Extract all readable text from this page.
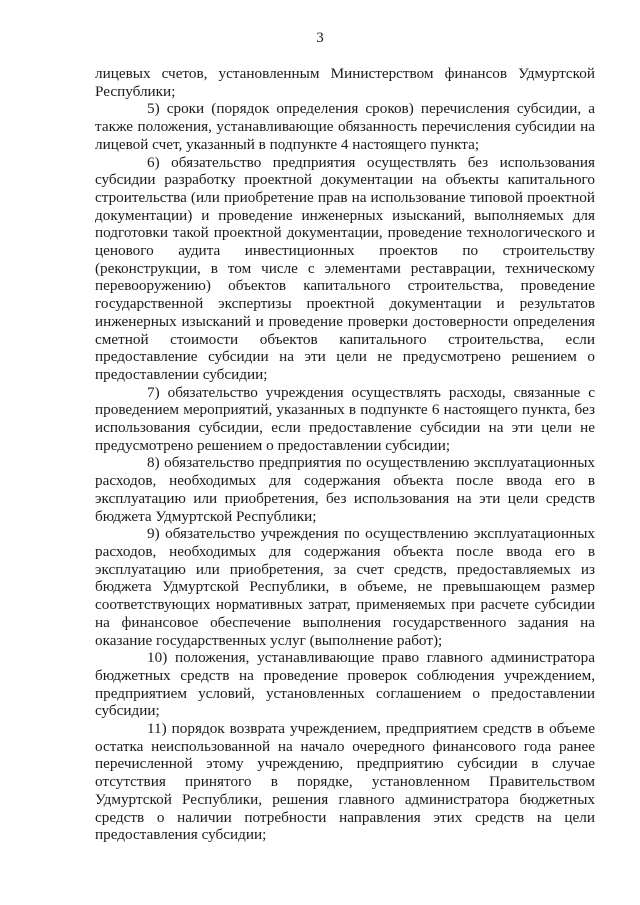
3

лицевых счетов, установленным Министерством финансов Удмуртской Республики;

5) сроки (порядок определения сроков) перечисления субсидии, а также положения, устанавливающие обязанность перечисления субсидии на лицевой счет, указанный в подпункте 4 настоящего пункта;

6) обязательство предприятия осуществлять без использования субсидии разработку проектной документации на объекты капитального строительства (или приобретение прав на использование типовой проектной документации) и проведение инженерных изысканий, выполняемых для подготовки такой проектной документации, проведение технологического и ценового аудита инвестиционных проектов по строительству (реконструкции, в том числе с элементами реставрации, техническому перевооружению) объектов капитального строительства, проведение государственной экспертизы проектной документации и результатов инженерных изысканий и проведение проверки достоверности определения сметной стоимости объектов капитального строительства, если предоставление субсидии на эти цели не предусмотрено решением о предоставлении субсидии;

7) обязательство учреждения осуществлять расходы, связанные с проведением мероприятий, указанных в подпункте 6 настоящего пункта, без использования субсидии, если предоставление субсидии на эти цели не предусмотрено решением о предоставлении субсидии;

8) обязательство предприятия по осуществлению эксплуатационных расходов, необходимых для содержания объекта после ввода его в эксплуатацию или приобретения, без использования на эти цели средств бюджета Удмуртской Республики;

9) обязательство учреждения по осуществлению эксплуатационных расходов, необходимых для содержания объекта после ввода его в эксплуатацию или приобретения, за счет средств, предоставляемых из бюджета Удмуртской Республики, в объеме, не превышающем размер соответствующих нормативных затрат, применяемых при расчете субсидии на финансовое обеспечение выполнения государственного задания на оказание государственных услуг (выполнение работ);

10) положения, устанавливающие право главного администратора бюджетных средств на проведение проверок соблюдения учреждением, предприятием условий, установленных соглашением о предоставлении субсидии;

11) порядок возврата учреждением, предприятием средств в объеме остатка неиспользованной на начало очередного финансового года ранее перечисленной этому учреждению, предприятию субсидии в случае отсутствия принятого в порядке, установленном Правительством Удмуртской Республики, решения главного администратора бюджетных средств о наличии потребности направления этих средств на цели предоставления субсидии;
